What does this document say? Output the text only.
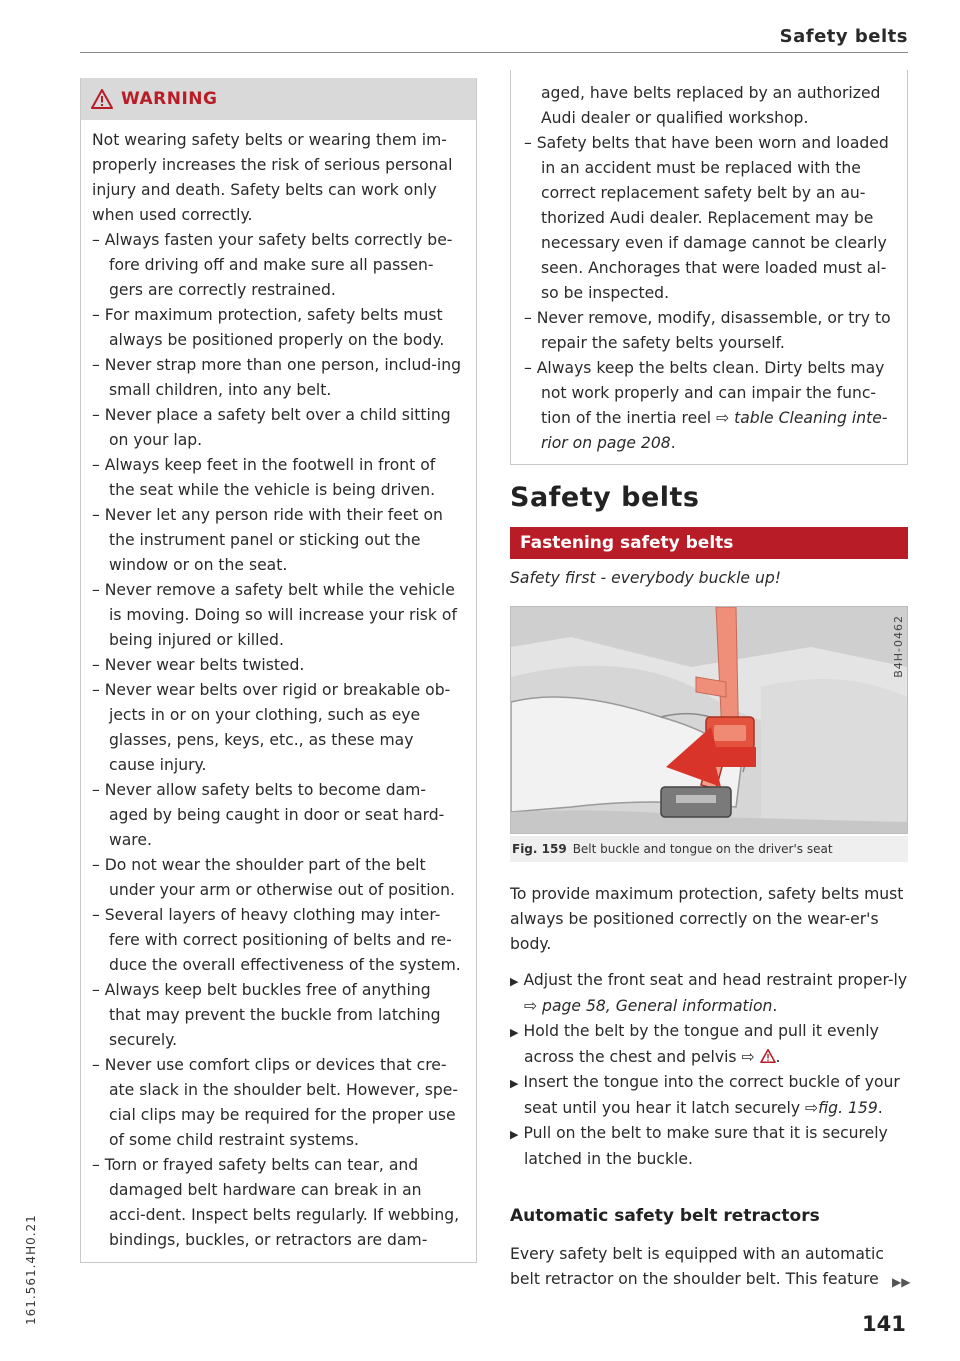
Safety belts
161.561.4H0.21
WARNING

Not wearing safety belts or wearing them im-properly increases the risk of serious personal injury and death. Safety belts can work only when used correctly.

– Always fasten your safety belts correctly be-fore driving off and make sure all passen-gers are correctly restrained.
– For maximum protection, safety belts must always be positioned properly on the body.
– Never strap more than one person, includ-ing small children, into any belt.
– Never place a safety belt over a child sitting on your lap.
– Always keep feet in the footwell in front of the seat while the vehicle is being driven.
– Never let any person ride with their feet on the instrument panel or sticking out the window or on the seat.
– Never remove a safety belt while the vehicle is moving. Doing so will increase your risk of being injured or killed.
– Never wear belts twisted.
– Never wear belts over rigid or breakable ob-jects in or on your clothing, such as eye glasses, pens, keys, etc., as these may cause injury.
– Never allow safety belts to become dam-aged by being caught in door or seat hard-ware.
– Do not wear the shoulder part of the belt under your arm or otherwise out of position.
– Several layers of heavy clothing may inter-fere with correct positioning of belts and re-duce the overall effectiveness of the system.
– Always keep belt buckles free of anything that may prevent the buckle from latching securely.
– Never use comfort clips or devices that cre-ate slack in the shoulder belt. However, spe-cial clips may be required for the proper use of some child restraint systems.
– Torn or frayed safety belts can tear, and damaged belt hardware can break in an acci-dent. Inspect belts regularly. If webbing, bindings, buckles, or retractors are dam-

aged, have belts replaced by an authorized Audi dealer or qualified workshop.

– Safety belts that have been worn and loaded in an accident must be replaced with the correct replacement safety belt by an au-thorized Audi dealer. Replacement may be necessary even if damage cannot be clearly seen. Anchorages that were loaded must al-so be inspected.
– Never remove, modify, disassemble, or try to repair the safety belts yourself.
– Always keep the belts clean. Dirty belts may not work properly and can impair the func-tion of the inertia reel ⇨ table Cleaning inte-rior on page 208.
Safety belts
Fastening safety belts
Safety first - everybody buckle up!
B4H-0462
Fig. 159 Belt buckle and tongue on the driver's seat

To provide maximum protection, safety belts must always be positioned correctly on the wear-er's body.

▶ Adjust the front seat and head restraint proper-ly ⇨ page 58, General information.
▶ Hold the belt by the tongue and pull it evenly across the chest and pelvis ⇨ .
▶ Insert the tongue into the correct buckle of your seat until you hear it latch securely ⇨fig. 159.
▶ Pull on the belt to make sure that it is securely latched in the buckle.
Automatic safety belt retractors

Every safety belt is equipped with an automatic belt retractor on the shoulder belt. This feature	▶▶
141
